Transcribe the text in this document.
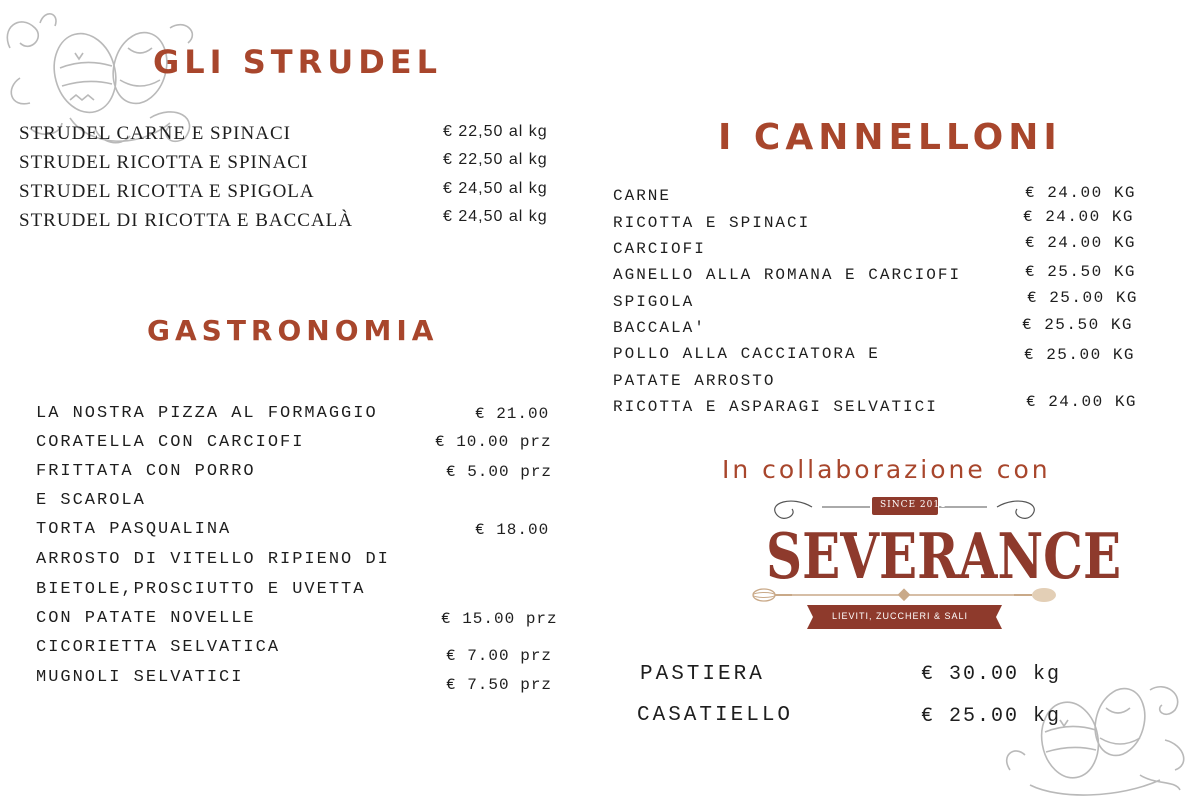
GLI STRUDEL
STRUDEL CARNE E SPINACI
STRUDEL RICOTTA E SPINACI
STRUDEL RICOTTA E SPIGOLA
STRUDEL DI RICOTTA E BACCALÀ
€ 22,50 al kg
€ 22,50 al kg
€ 24,50 al kg
€ 24,50 al kg
GASTRONOMIA
LA NOSTRA PIZZA AL FORMAGGIO
CORATELLA CON CARCIOFI
FRITTATA CON PORRO
E SCAROLA
TORTA PASQUALINA
ARROSTO DI VITELLO RIPIENO DI
BIETOLE,PROSCIUTTO E UVETTA
CON PATATE NOVELLE
CICORIETTA SELVATICA
MUGNOLI SELVATICI
€ 21.00
€ 10.00 prz
€ 5.00 prz
€ 18.00
€ 15.00 prz
€ 7.00 prz
€ 7.50 prz
I CANNELLONI
CARNE
RICOTTA E SPINACI
CARCIOFI
AGNELLO ALLA ROMANA E CARCIOFI
SPIGOLA
BACCALA'
POLLO ALLA CACCIATORA E
PATATE ARROSTO
RICOTTA E ASPARAGI SELVATICI
€ 24.00 KG
€ 24.00 KG
€ 24.00 KG
€ 25.50 KG
€ 25.00 KG
€ 25.50 KG
€ 25.00 KG
€ 24.00 KG
In collaborazione con
SINCE 2011
SEVERANCE
LIEVITI, ZUCCHERI & SALI
PASTIERA
CASATIELLO
€ 30.00 kg
€ 25.00 kg
